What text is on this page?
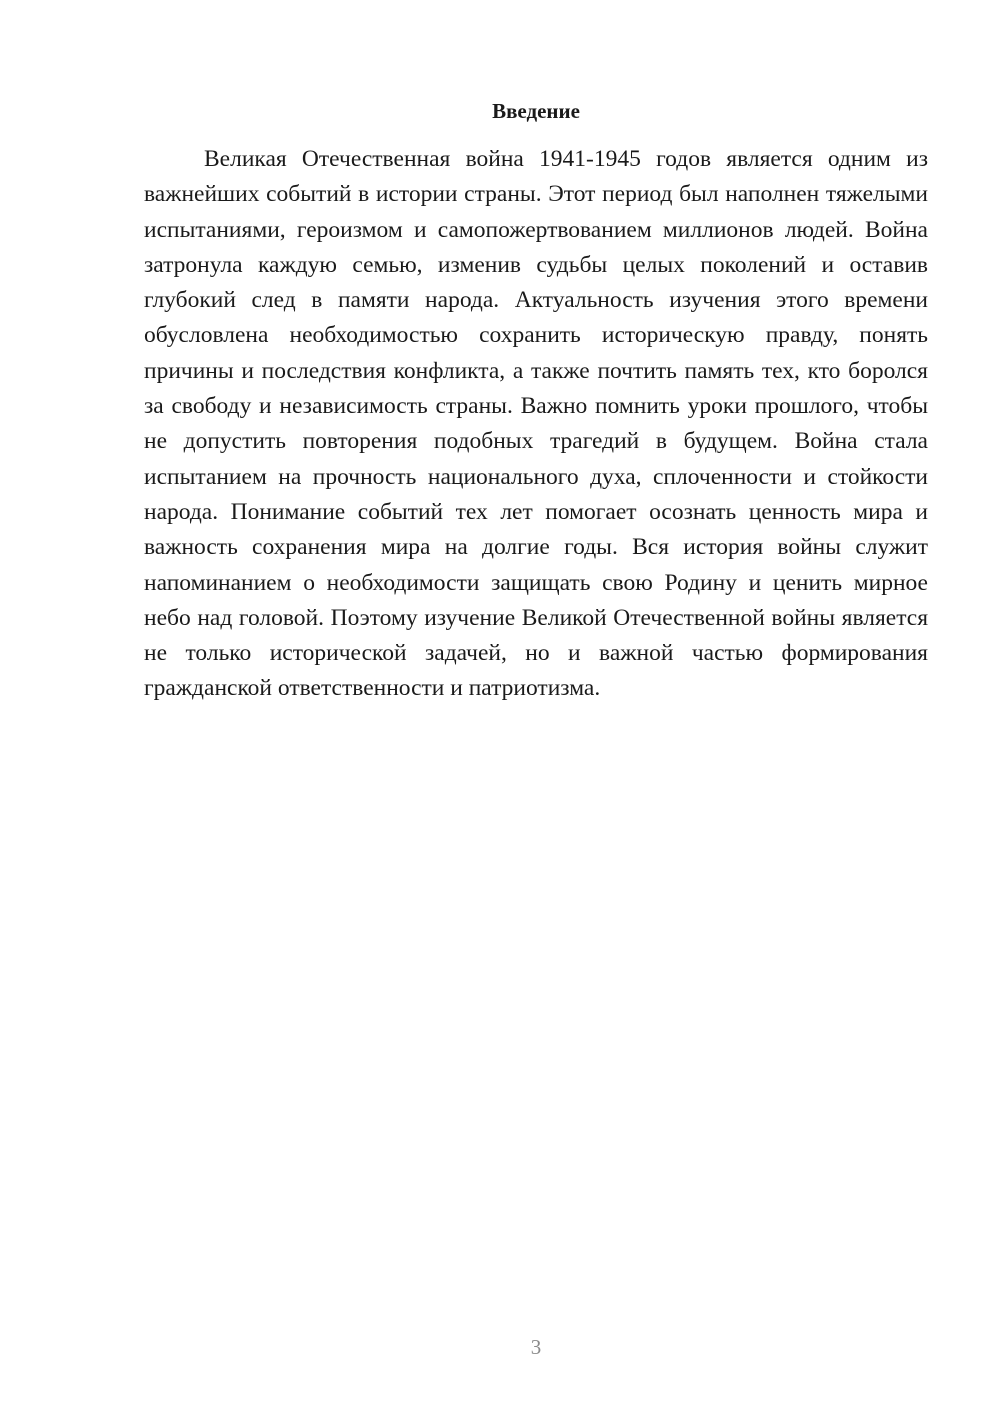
Введение

Великая Отечественная война 1941-1945 годов является одним из важнейших событий в истории страны. Этот период был наполнен тяжелыми испытаниями, героизмом и самопожертвованием миллионов людей. Война затронула каждую семью, изменив судьбы целых поколений и оставив глубокий след в памяти народа. Актуальность изучения этого времени обусловлена необходимостью сохранить историческую правду, понять причины и последствия конфликта, а также почтить память тех, кто боролся за свободу и независимость страны. Важно помнить уроки прошлого, чтобы не допустить повторения подобных трагедий в будущем. Война стала испытанием на прочность национального духа, сплоченности и стойкости народа. Понимание событий тех лет помогает осознать ценность мира и важность сохранения мира на долгие годы. Вся история войны служит напоминанием о необходимости защищать свою Родину и ценить мирное небо над головой. Поэтому изучение Великой Отечественной войны является не только исторической задачей, но и важной частью формирования гражданской ответственности и патриотизма.

3
